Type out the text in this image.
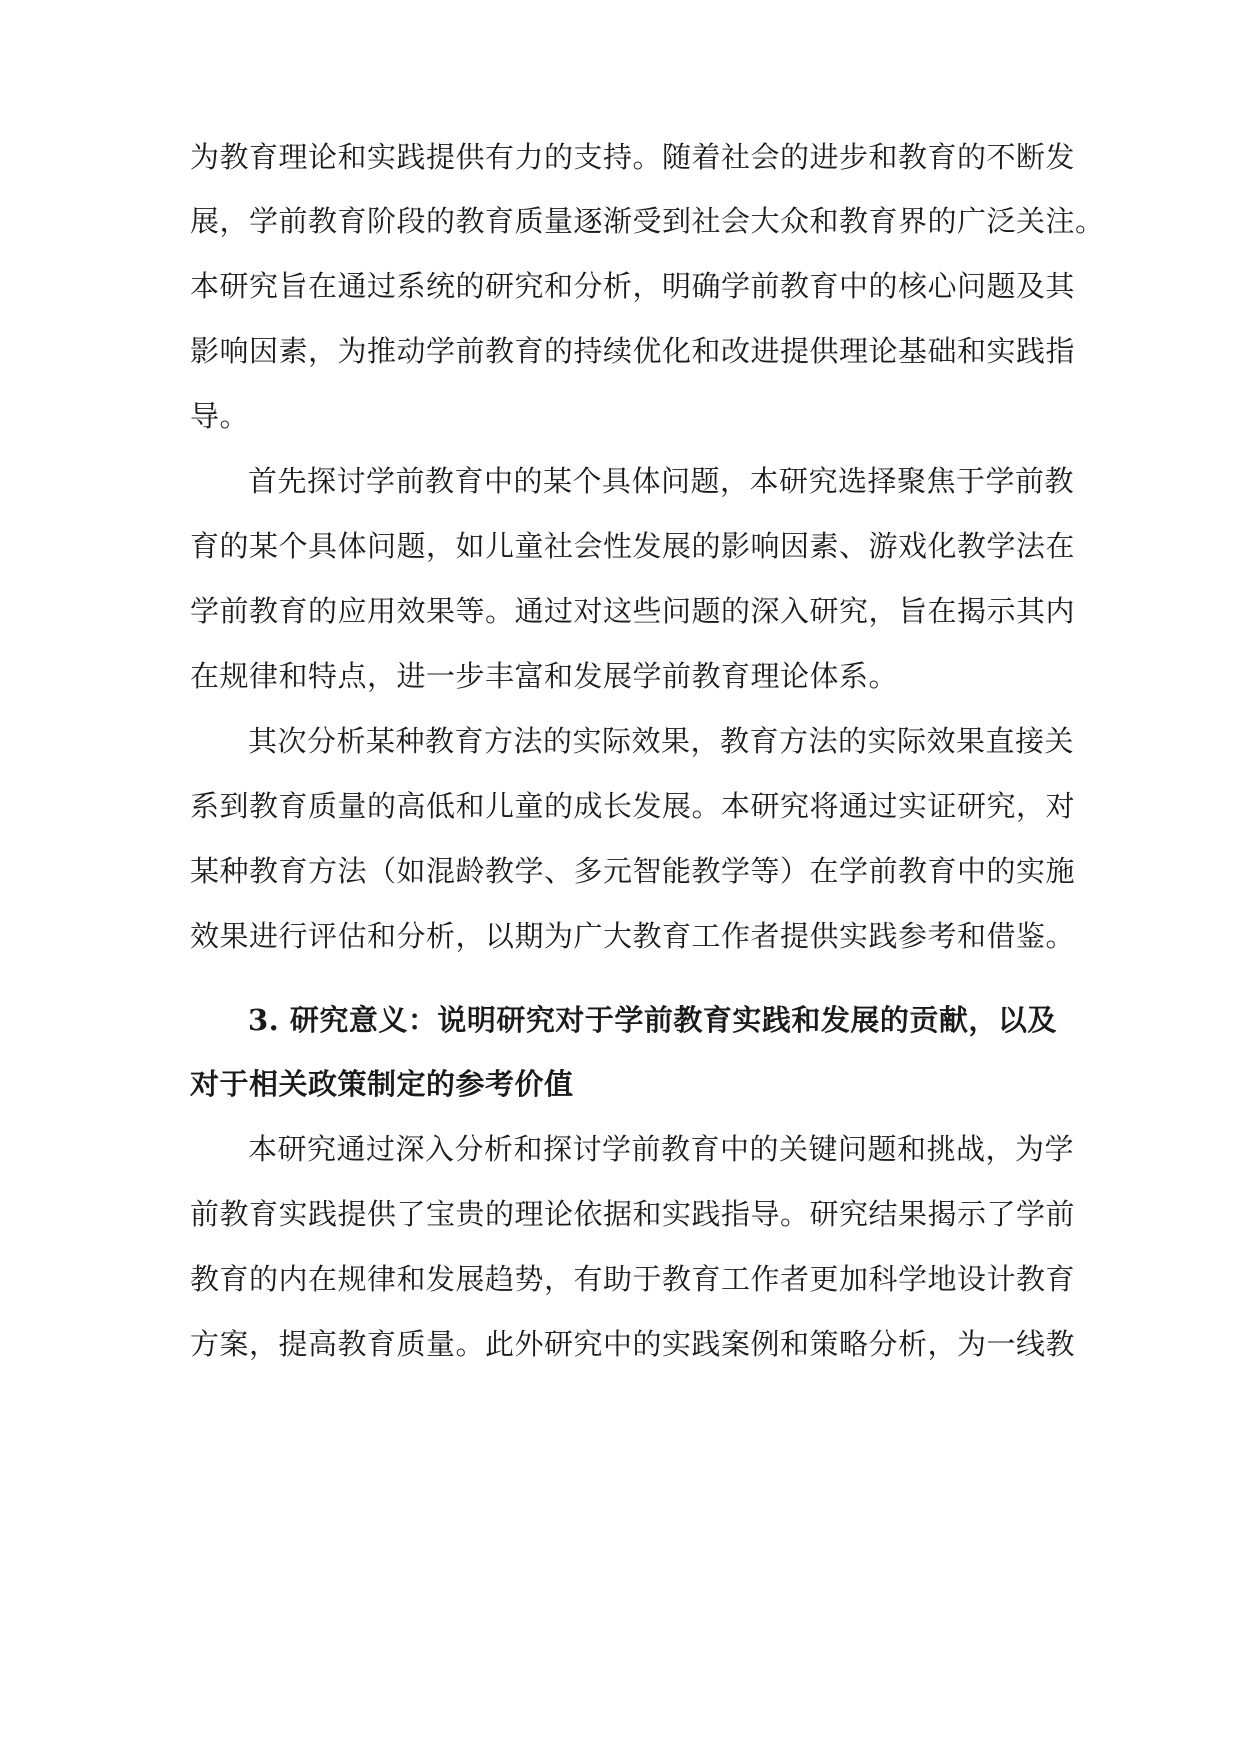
为教育理论和实践提供有力的支持。随着社会的进步和教育的不断发
展，学前教育阶段的教育质量逐渐受到社会大众和教育界的广泛关注。
本研究旨在通过系统的研究和分析，明确学前教育中的核心问题及其
影响因素，为推动学前教育的持续优化和改进提供理论基础和实践指
导。
首先探讨学前教育中的某个具体问题，本研究选择聚焦于学前教
育的某个具体问题，如儿童社会性发展的影响因素、游戏化教学法在
学前教育的应用效果等。通过对这些问题的深入研究，旨在揭示其内
在规律和特点，进一步丰富和发展学前教育理论体系。
其次分析某种教育方法的实际效果，教育方法的实际效果直接关
系到教育质量的高低和儿童的成长发展。本研究将通过实证研究，对
某种教育方法（如混龄教学、多元智能教学等）在学前教育中的实施
效果进行评估和分析，以期为广大教育工作者提供实践参考和借鉴。
3. 研究意义：说明研究对于学前教育实践和发展的贡献，以及
对于相关政策制定的参考价值
本研究通过深入分析和探讨学前教育中的关键问题和挑战，为学
前教育实践提供了宝贵的理论依据和实践指导。研究结果揭示了学前
教育的内在规律和发展趋势，有助于教育工作者更加科学地设计教育
方案，提高教育质量。此外研究中的实践案例和策略分析，为一线教
